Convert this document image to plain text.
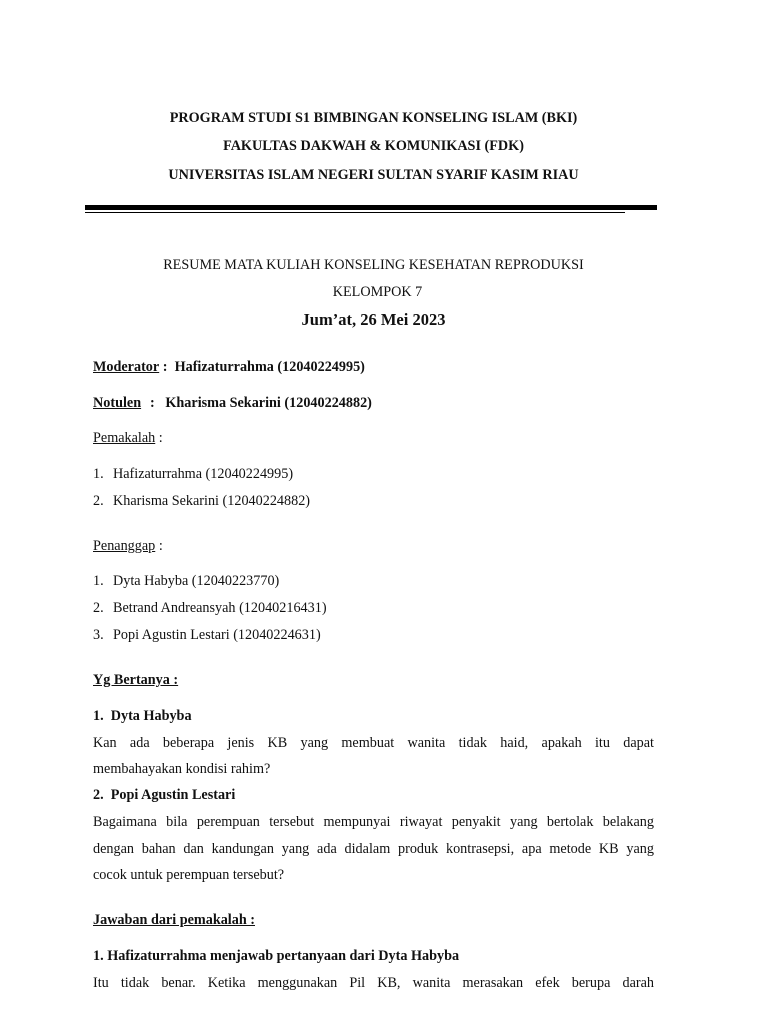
PROGRAM STUDI S1 BIMBINGAN KONSELING ISLAM (BKI)
FAKULTAS DAKWAH & KOMUNIKASI (FDK)
UNIVERSITAS ISLAM NEGERI SULTAN SYARIF KASIM RIAU
RESUME MATA KULIAH KONSELING KESEHATAN REPRODUKSI
KELOMPOK 7
Jum’at, 26 Mei 2023
Moderator :  Hafizaturrahma (12040224995)
Notulen :   Kharisma Sekarini (12040224882)
Pemakalah :
1. Hafizaturrahma (12040224995)
2. Kharisma Sekarini (12040224882)
Penanggap :
1. Dyta Habyba (12040223770)
2. Betrand Andreansyah (12040216431)
3. Popi Agustin Lestari (12040224631)
Yg Bertanya :
1.  Dyta Habyba
Kan ada beberapa jenis KB yang membuat wanita tidak haid, apakah itu dapat
membahayakan kondisi rahim?
2.  Popi Agustin Lestari
Bagaimana bila perempuan tersebut mempunyai riwayat penyakit yang bertolak belakang
dengan bahan dan kandungan yang ada didalam produk kontrasepsi, apa metode KB yang
cocok untuk perempuan tersebut?
Jawaban dari pemakalah :
1. Hafizaturrahma menjawab pertanyaan dari Dyta Habyba
Itu tidak benar. Ketika menggunakan Pil KB, wanita merasakan efek berupa darah
